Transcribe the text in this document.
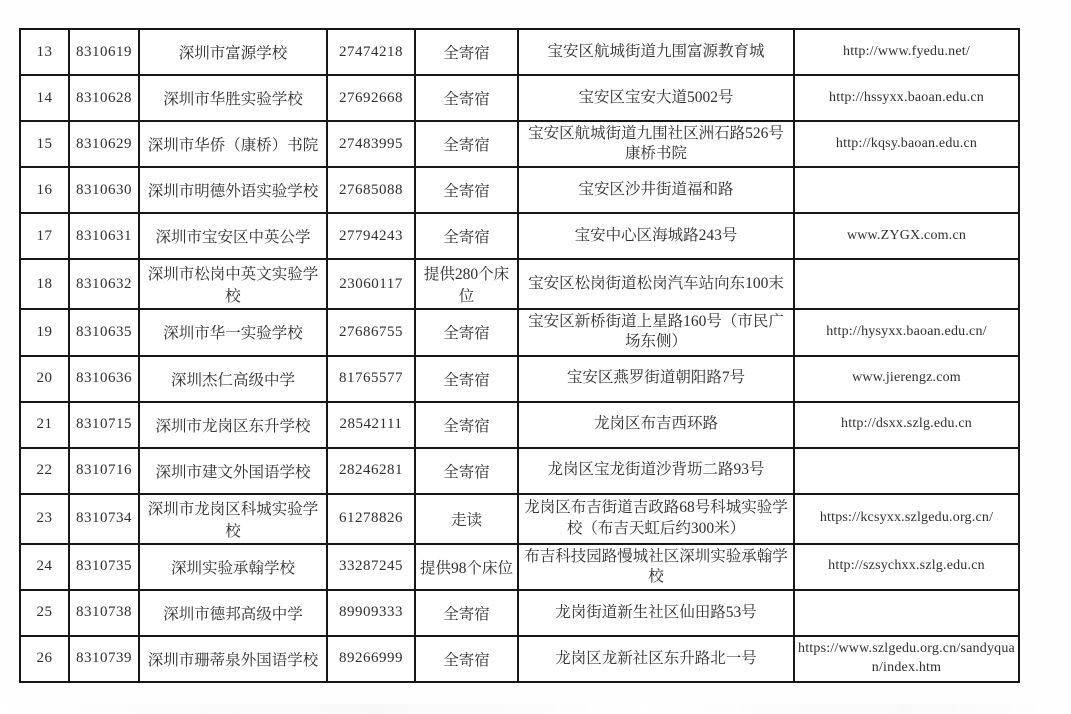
13	8310619	深圳市富源学校	27474218	全寄宿	宝安区航城街道九围富源教育城	http://www.fyedu.net/
14	8310628	深圳市华胜实验学校	27692668	全寄宿	宝安区宝安大道5002号	http://hssyxx.baoan.edu.cn
15	8310629	深圳市华侨（康桥）书院	27483995	全寄宿	宝安区航城街道九围社区洲石路526号康桥书院	http://kqsy.baoan.edu.cn
16	8310630	深圳市明德外语实验学校	27685088	全寄宿	宝安区沙井街道福和路	
17	8310631	深圳市宝安区中英公学	27794243	全寄宿	宝安中心区海城路243号	www.ZYGX.com.cn
18	8310632	深圳市松岗中英文实验学校	23060117	提供280个床位	宝安区松岗街道松岗汽车站向东100末	
19	8310635	深圳市华一实验学校	27686755	全寄宿	宝安区新桥街道上星路160号（市民广场东侧）	http://hysyxx.baoan.edu.cn/
20	8310636	深圳杰仁高级中学	81765577	全寄宿	宝安区燕罗街道朝阳路7号	www.jierengz.com
21	8310715	深圳市龙岗区东升学校	28542111	全寄宿	龙岗区布吉西环路	http://dsxx.szlg.edu.cn
22	8310716	深圳市建文外国语学校	28246281	全寄宿	龙岗区宝龙街道沙背坜二路93号	
23	8310734	深圳市龙岗区科城实验学校	61278826	走读	龙岗区布吉街道吉政路68号科城实验学校（布吉天虹后约300米）	https://kcsyxx.szlgedu.org.cn/
24	8310735	深圳实验承翰学校	33287245	提供98个床位	布吉科技园路慢城社区深圳实验承翰学校	http://szsychxx.szlg.edu.cn
25	8310738	深圳市德邦高级中学	89909333	全寄宿	龙岗街道新生社区仙田路53号	
26	8310739	深圳市珊蒂泉外国语学校	89266999	全寄宿	龙岗区龙新社区东升路北一号	https://www.szlgedu.org.cn/sandyquan/index.htm
